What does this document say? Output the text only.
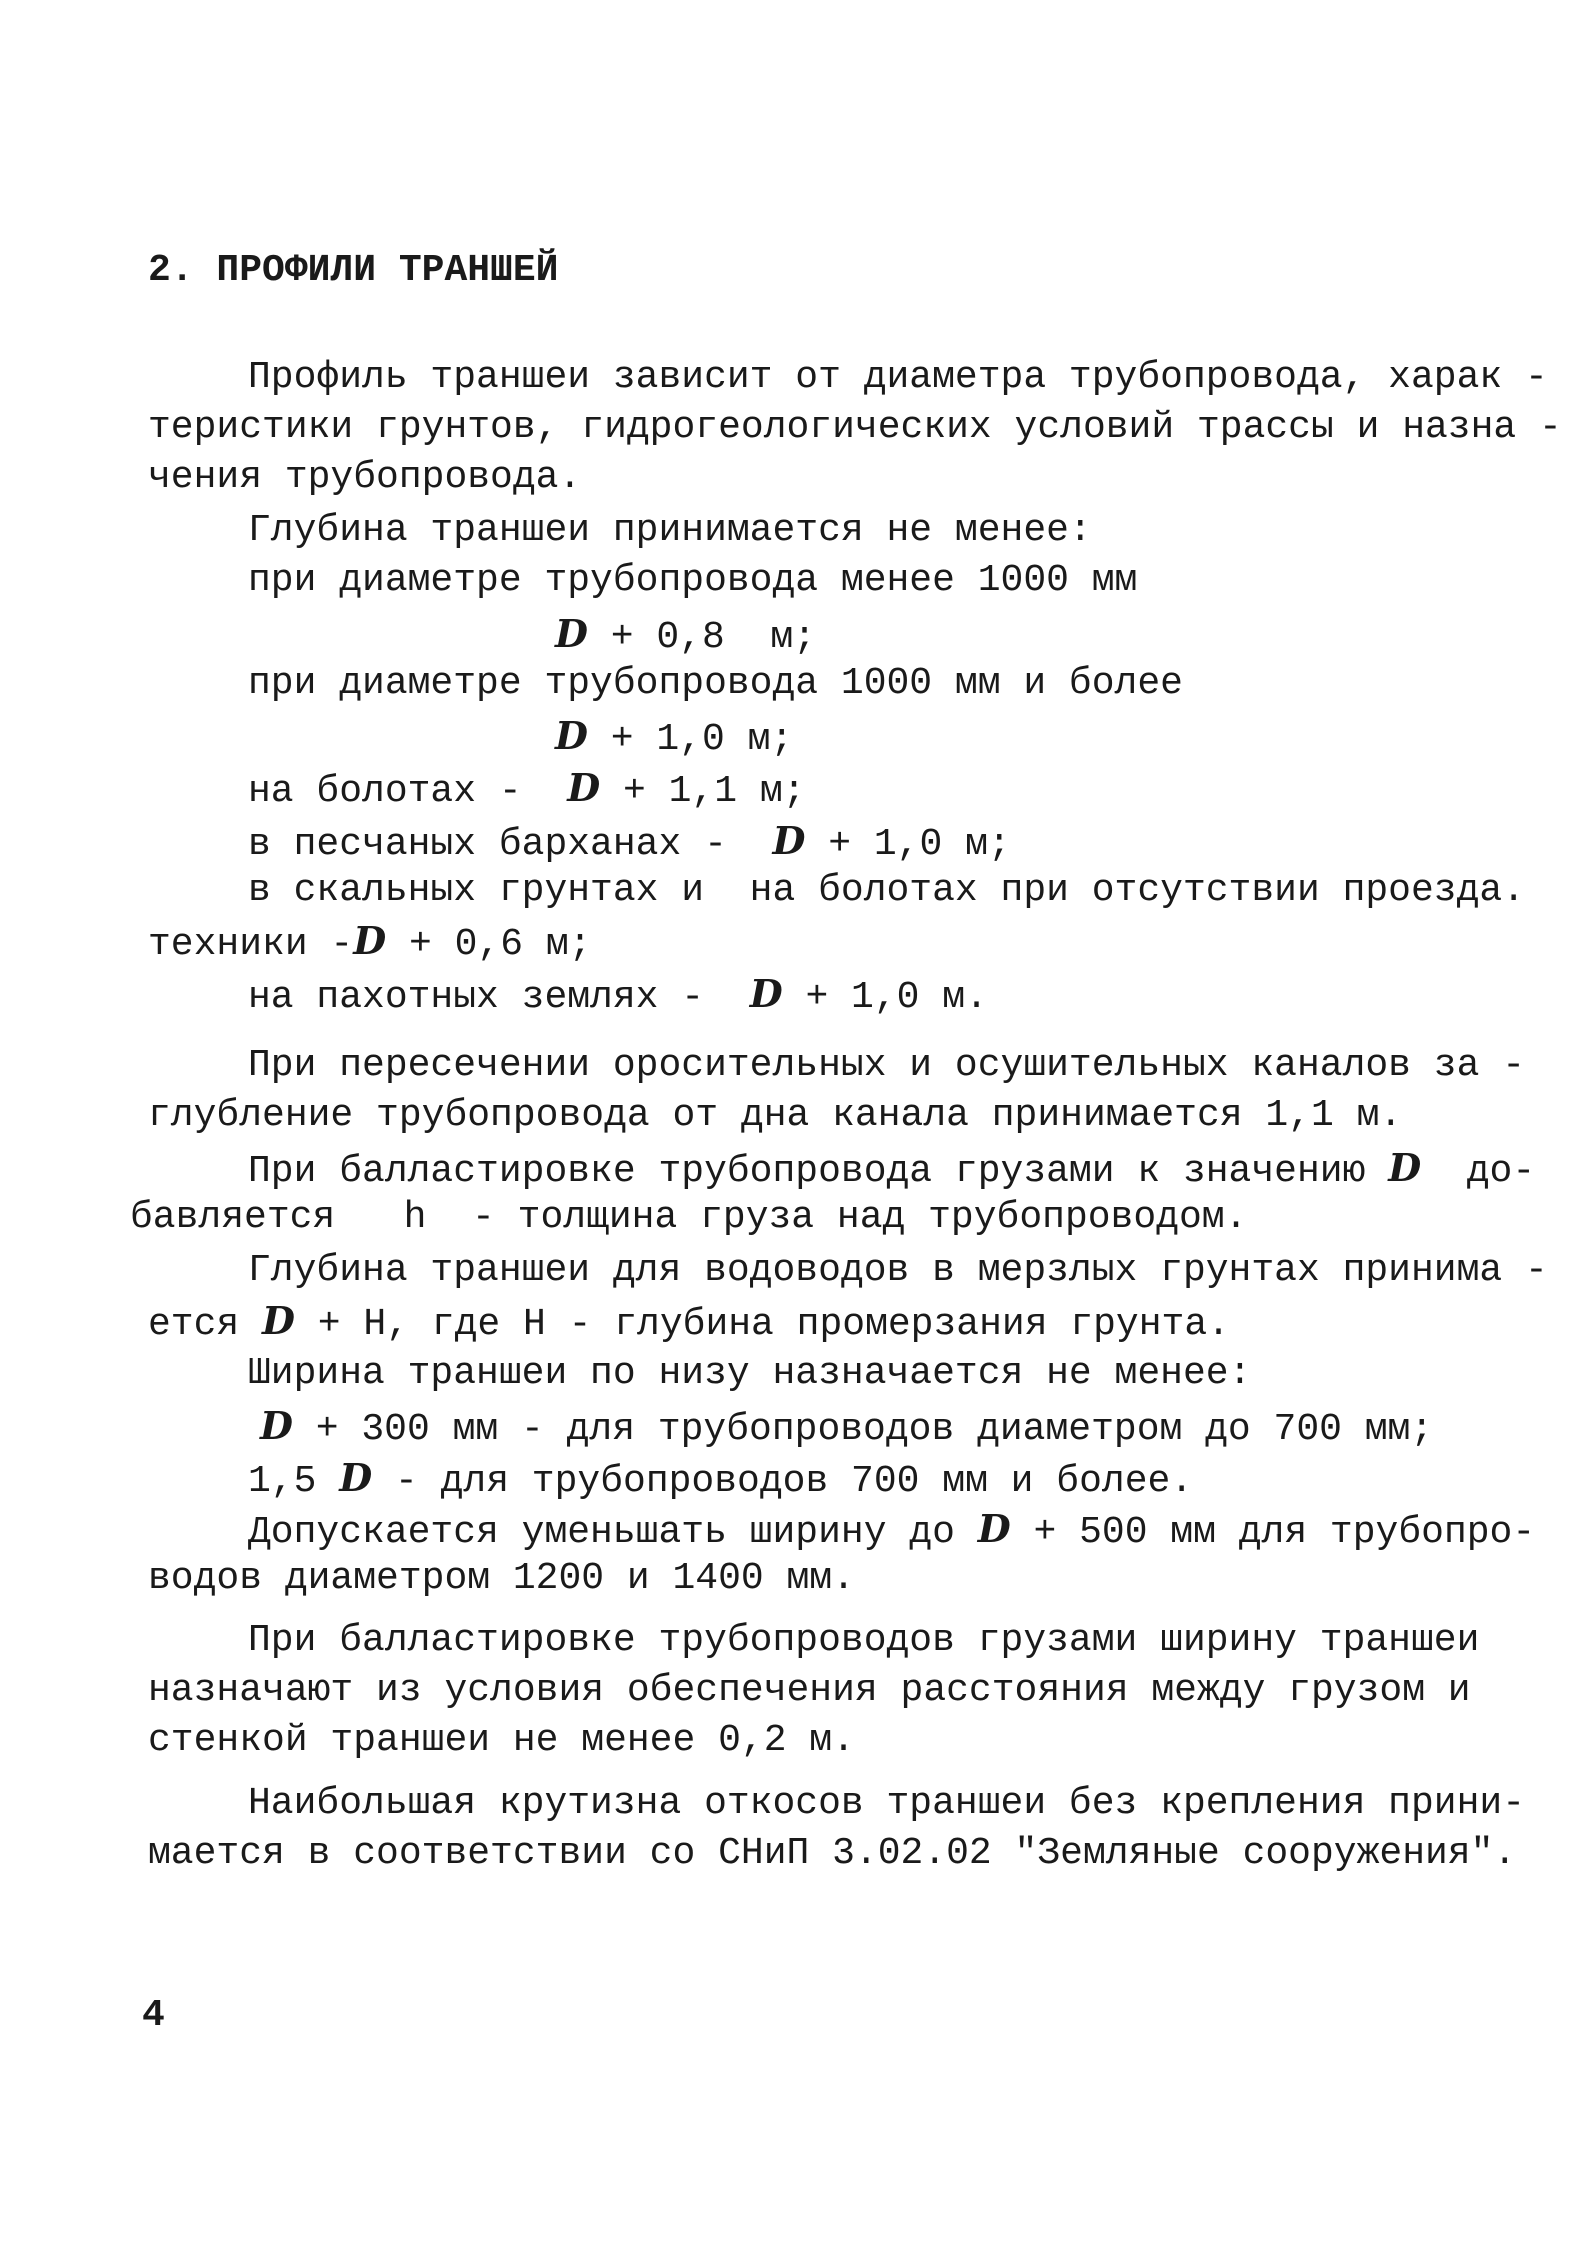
2. ПРОФИЛИ ТРАНШЕЙ
Профиль траншеи зависит от диаметра трубопровода, харак -
теристики грунтов, гидрогеологических условий трассы и назна -
чения трубопровода.
Глубина траншеи принимается не менее:
при диаметре трубопровода менее 1000 мм
D + 0,8  м;
при диаметре трубопровода 1000 мм и более
D + 1,0 м;
на болотах -  D + 1,1 м;
в песчаных барханах -  D + 1,0 м;
в скальных грунтах и  на болотах при отсутствии проезда.
техники -D + 0,6 м;
на пахотных землях -  D + 1,0 м.
При пересечении оросительных и осушительных каналов за -
глубление трубопровода от дна канала принимается 1,1 м.
При балластировке трубопровода грузами к значению D  до-
бавляется   h  - толщина груза над трубопроводом.
Глубина траншеи для водоводов в мерзлых грунтах принима -
ется D + Н, где Н - глубина промерзания грунта.
Ширина траншеи по низу назначается не менее:
D + 300 мм - для трубопроводов диаметром до 700 мм;
1,5 D - для трубопроводов 700 мм и более.
Допускается уменьшать ширину до D + 500 мм для трубопро-
водов диаметром 1200 и 1400 мм.
При балластировке трубопроводов грузами ширину траншеи
назначают из условия обеспечения расстояния между грузом и
стенкой траншеи не менее 0,2 м.
Наибольшая крутизна откосов траншеи без крепления прини-
мается в соответствии со СНиП 3.02.02 "Земляные сооружения".
4
